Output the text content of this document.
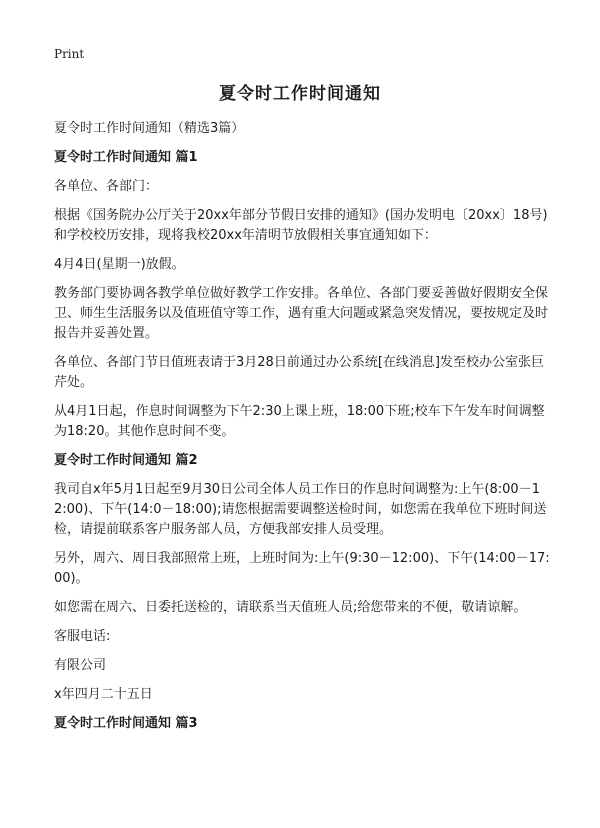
Print
夏令时工作时间通知

夏令时工作时间通知（精选3篇）

夏令时工作时间通知 篇1

各单位、各部门：

根据《国务院办公厅关于20xx年部分节假日安排的通知》(国办发明电〔20xx〕18号)和学校校历安排，现将我校20xx年清明节放假相关事宜通知如下：

4月4日(星期一)放假。

教务部门要协调各教学单位做好教学工作安排。各单位、各部门要妥善做好假期安全保卫、师生生活服务以及值班值守等工作，遇有重大问题或紧急突发情况，要按规定及时报告并妥善处置。

各单位、各部门节日值班表请于3月28日前通过办公系统[在线消息]发至校办公室张巨芹处。

从4月1日起，作息时间调整为下午2:30上课上班，18:00下班;校车下午发车时间调整为18:20。其他作息时间不变。

夏令时工作时间通知 篇2

我司自x年5月1日起至9月30日公司全体人员工作日的作息时间调整为:上午(8:00－12:00)、下午(14:0－18:00);请您根据需要调整送检时间，如您需在我单位下班时间送检，请提前联系客户服务部人员，方便我部安排人员受理。

另外，周六、周日我部照常上班，上班时间为:上午(9:30－12:00)、下午(14:00－17:00)。

如您需在周六、日委托送检的，请联系当天值班人员;给您带来的不便，敬请谅解。

客服电话:

有限公司

x年四月二十五日

夏令时工作时间通知 篇3
